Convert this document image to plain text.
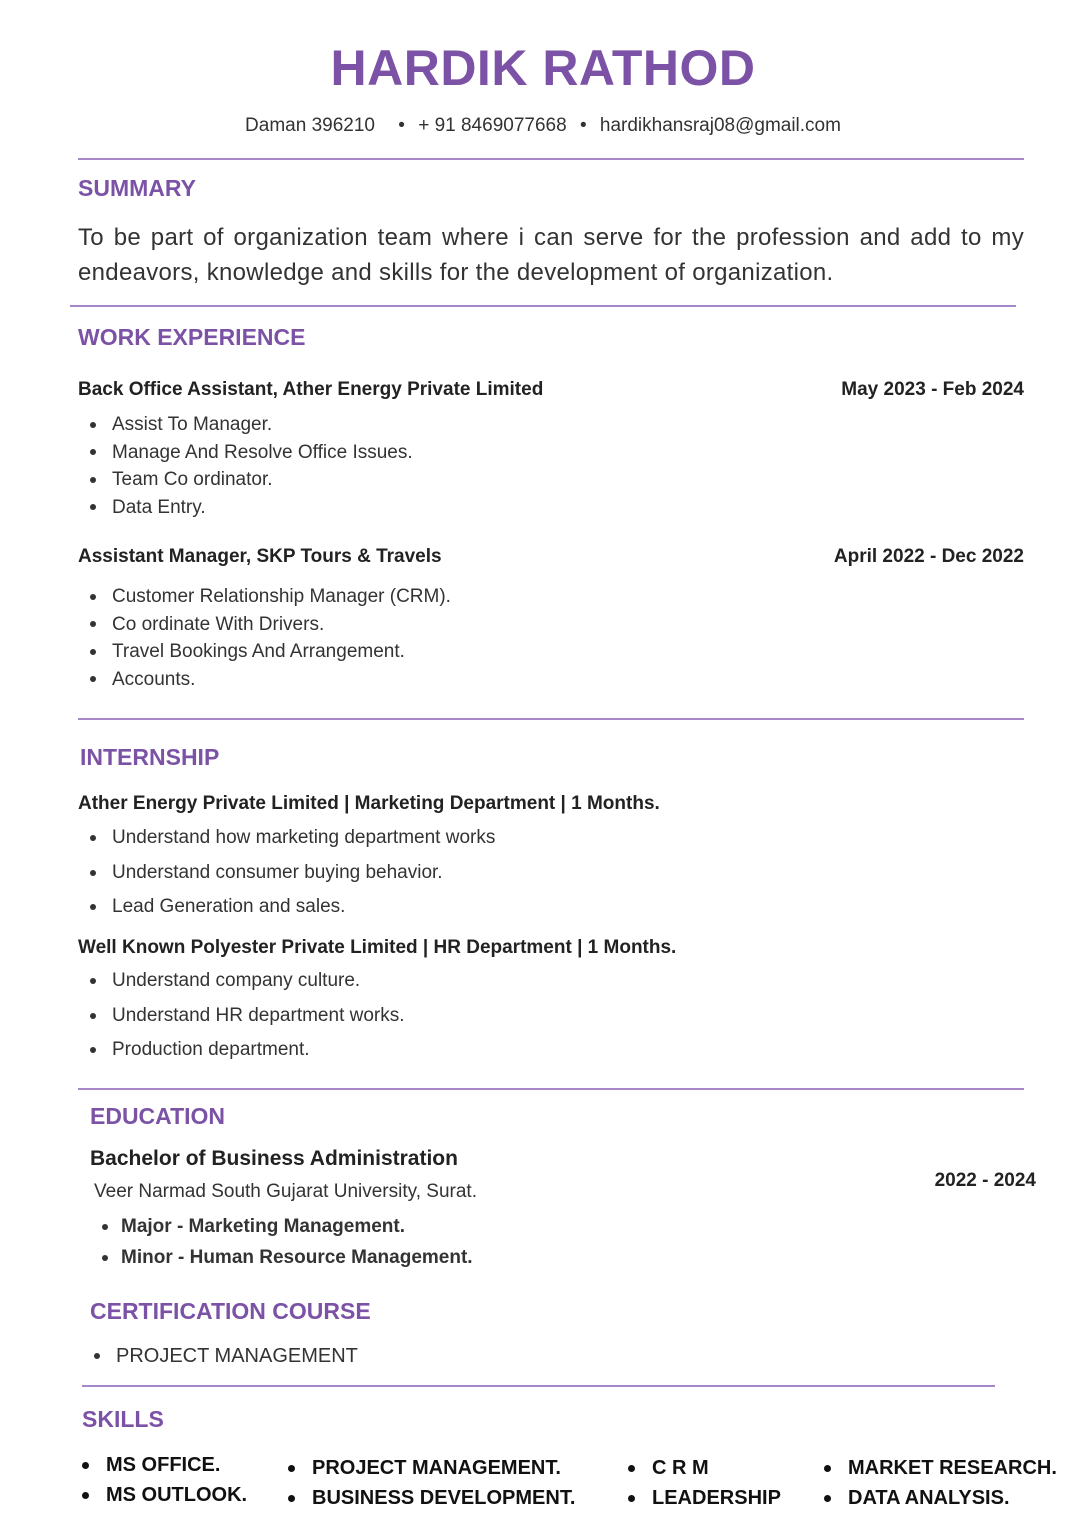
HARDIK RATHOD
Daman 396210 • + 91 8469077668 • hardikhansraj08@gmail.com
SUMMARY
To be part of organization team where i can serve for the profession and add to my endeavors, knowledge and skills for the development of organization.
WORK EXPERIENCE
Back Office Assistant, Ather Energy Private Limited	May 2023 - Feb 2024
Assist To Manager.
Manage And Resolve Office Issues.
Team Co ordinator.
Data Entry.
Assistant Manager, SKP Tours & Travels	April 2022 - Dec 2022
Customer Relationship Manager (CRM).
Co ordinate With Drivers.
Travel Bookings And Arrangement.
Accounts.
INTERNSHIP
Ather Energy Private Limited | Marketing Department | 1 Months.
Understand how marketing department works
Understand consumer buying behavior.
Lead Generation and sales.
Well Known Polyester Private Limited | HR Department | 1 Months.
Understand company culture.
Understand HR department works.
Production department.
EDUCATION
Bachelor of Business Administration
Veer Narmad South Gujarat University, Surat.
2022 - 2024
Major - Marketing Management.
Minor - Human Resource Management.
CERTIFICATION COURSE
PROJECT MANAGEMENT
SKILLS
MS OFFICE.
MS OUTLOOK.
PROJECT MANAGEMENT.
BUSINESS DEVELOPMENT.
C R M
LEADERSHIP
MARKET RESEARCH.
DATA ANALYSIS.
